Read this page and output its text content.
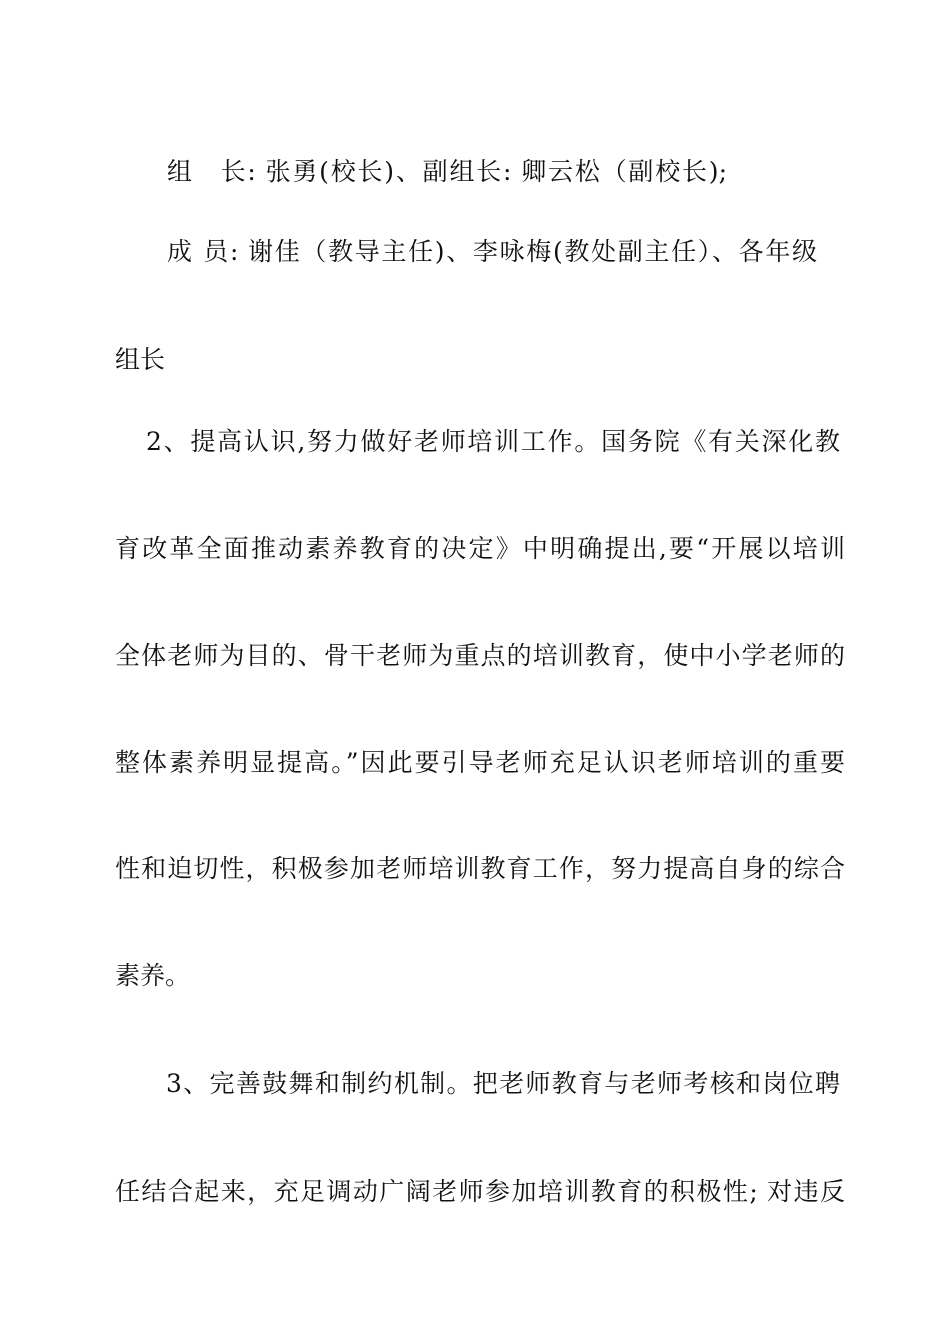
组　长: 张勇(校长)、副组长: 卿云松（副校长);
成 员: 谢佳（教导主任)、李咏梅(教处副主任）、各年级
组长
2、提高认识,努力做好老师培训工作。国务院《有关深化教
育改革全面推动素养教育的决定》中明确提出,要“开展以培训
全体老师为目的、骨干老师为重点的培训教育，使中小学老师的
整体素养明显提高。”因此要引导老师充足认识老师培训的重要
性和迫切性，积极参加老师培训教育工作，努力提高自身的综合
素养。
3、完善鼓舞和制约机制。把老师教育与老师考核和岗位聘
任结合起来，充足调动广阔老师参加培训教育的积极性; 对违反
